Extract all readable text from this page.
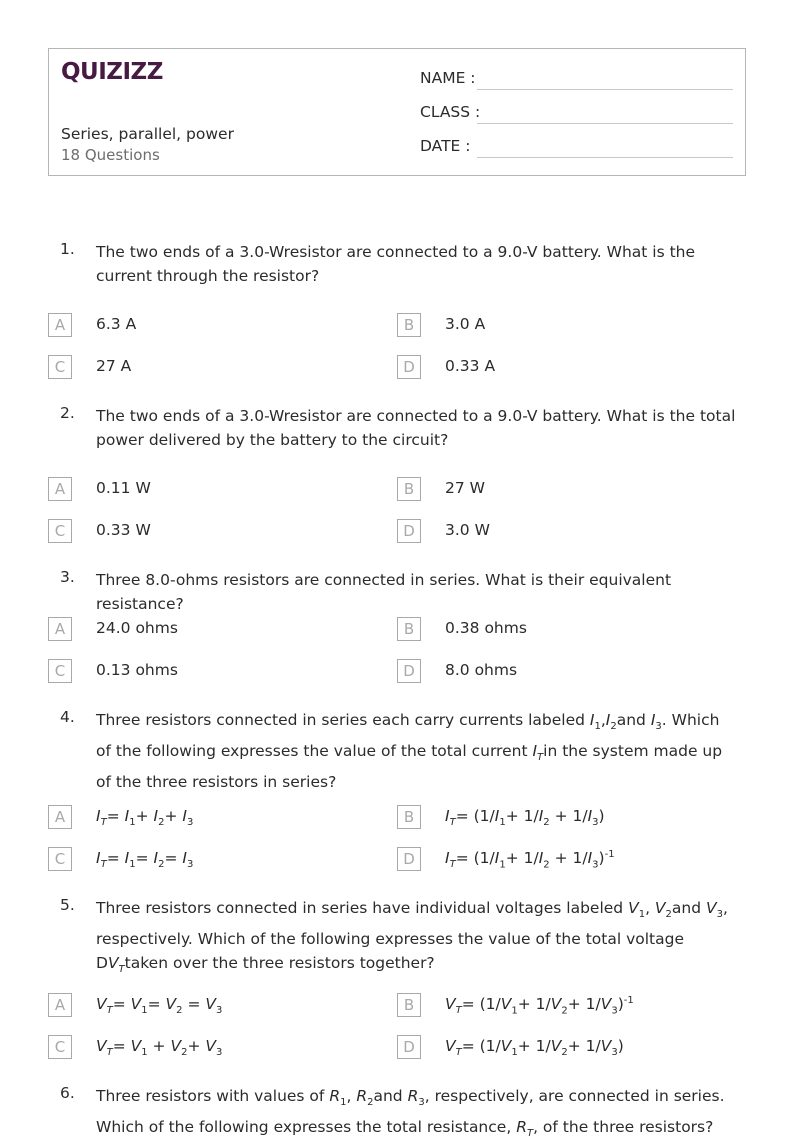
QUIZIZZ
Series, parallel, power
18 Questions
NAME :
CLASS :
DATE :
1. The two ends of a 3.0-Wresistor are connected to a 9.0-V battery. What is the current through the resistor?
A	6.3 A	B	3.0 A
C	27 A	D	0.33 A
2. The two ends of a 3.0-Wresistor are connected to a 9.0-V battery. What is the total power delivered by the battery to the circuit?
A	0.11 W	B	27 W
C	0.33 W	D	3.0 W
3. Three 8.0-ohms resistors are connected in series. What is their equivalent resistance?
A	24.0 ohms	B	0.38 ohms
C	0.13 ohms	D	8.0 ohms
4. Three resistors connected in series each carry currents labeled $I_1,I_2and$ $I_3$. Which of the following expresses the value of the total current $I_Tin$ the system made up of the three resistors in series?
A	$I_T= I_1+ I_2+ I_3$	B	$I_T= (1/I_1+ 1/I_2 + 1/I_3)$
C	$I_T= I_1= I_2= I_3$	D	$I_T= (1/I_1+ 1/I_2 + 1/I_3)^{-1}$
5. Three resistors connected in series have individual voltages labeled $V_1$, $V_2and$ $V_3$, respectively. Which of the following expresses the value of the total voltage $DV_Ttaken$ over the three resistors together?
A	$V_T= V_1= V_2 = V_3$	B	$V_T= (1/V_1+ 1/V_2+ 1/V_3)^{-1}$
C	$V_T= V_1 + V_2+ V_3$	D	$V_T= (1/V_1+ 1/V_2+ 1/V_3)$
6. Three resistors with values of $R_1$, $R_2and$ $R_3$, respectively, are connected in series. Which of the following expresses the total resistance, $R_T$, of the three resistors?
